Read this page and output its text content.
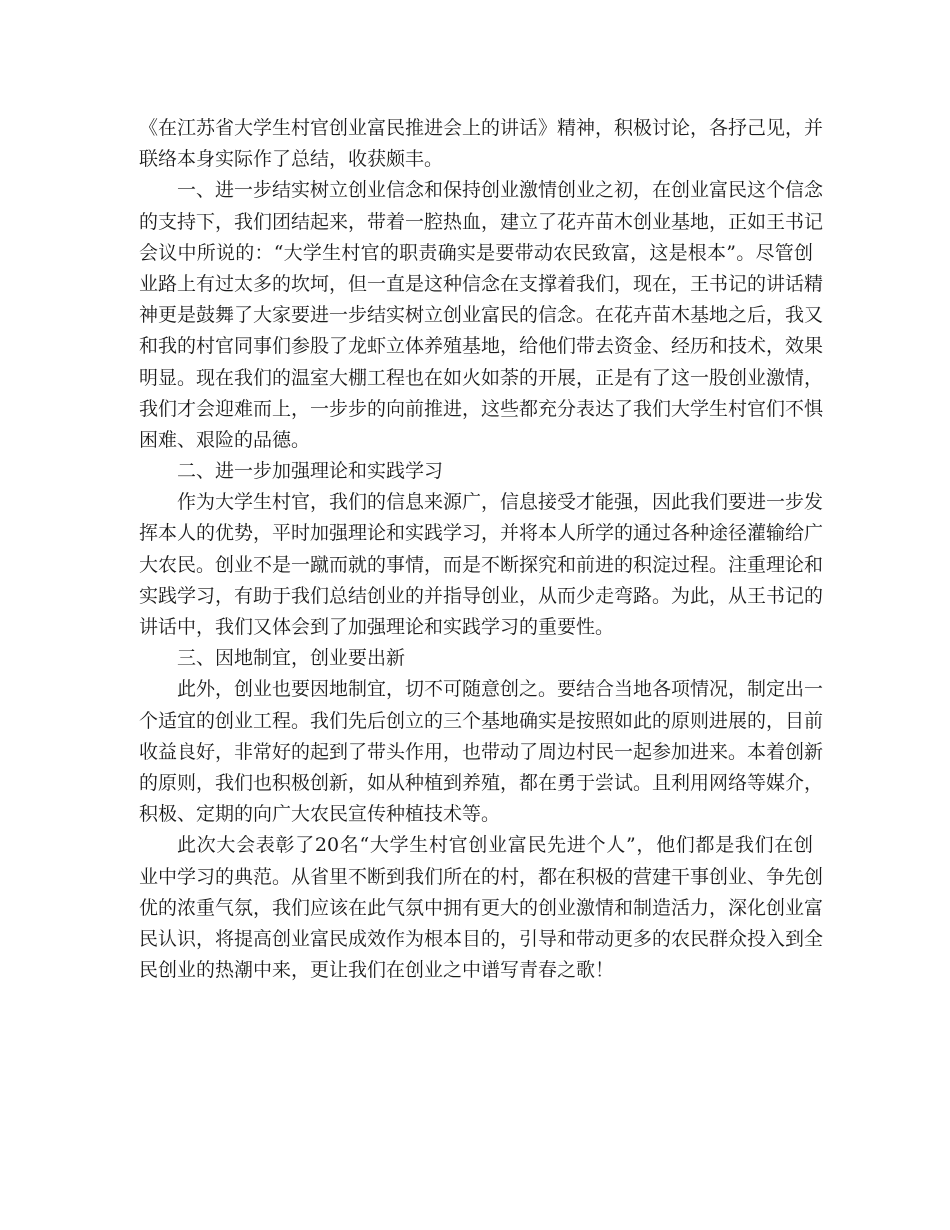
《在江苏省大学生村官创业富民推进会上的讲话》精神，积极讨论，各抒己见，并
联络本身实际作了总结，收获颇丰。
一、进一步结实树立创业信念和保持创业激情创业之初，在创业富民这个信念
的支持下，我们团结起来，带着一腔热血，建立了花卉苗木创业基地，正如王书记
会议中所说的：“大学生村官的职责确实是要带动农民致富，这是根本”。尽管创
业路上有过太多的坎坷，但一直是这种信念在支撑着我们，现在，王书记的讲话精
神更是鼓舞了大家要进一步结实树立创业富民的信念。在花卉苗木基地之后，我又
和我的村官同事们参股了龙虾立体养殖基地，给他们带去资金、经历和技术，效果
明显。现在我们的温室大棚工程也在如火如荼的开展，正是有了这一股创业激情，
我们才会迎难而上，一步步的向前推进，这些都充分表达了我们大学生村官们不惧
困难、艰险的品德。
二、进一步加强理论和实践学习
作为大学生村官，我们的信息来源广，信息接受才能强，因此我们要进一步发
挥本人的优势，平时加强理论和实践学习，并将本人所学的通过各种途径灌输给广
大农民。创业不是一蹴而就的事情，而是不断探究和前进的积淀过程。注重理论和
实践学习，有助于我们总结创业的并指导创业，从而少走弯路。为此，从王书记的
讲话中，我们又体会到了加强理论和实践学习的重要性。
三、因地制宜，创业要出新
此外，创业也要因地制宜，切不可随意创之。要结合当地各项情况，制定出一
个适宜的创业工程。我们先后创立的三个基地确实是按照如此的原则进展的，目前
收益良好，非常好的起到了带头作用，也带动了周边村民一起参加进来。本着创新
的原则，我们也积极创新，如从种植到养殖，都在勇于尝试。且利用网络等媒介，
积极、定期的向广大农民宣传种植技术等。
此次大会表彰了20名“大学生村官创业富民先进个人”，他们都是我们在创
业中学习的典范。从省里不断到我们所在的村，都在积极的营建干事创业、争先创
优的浓重气氛，我们应该在此气氛中拥有更大的创业激情和制造活力，深化创业富
民认识，将提高创业富民成效作为根本目的，引导和带动更多的农民群众投入到全
民创业的热潮中来，更让我们在创业之中谱写青春之歌！
